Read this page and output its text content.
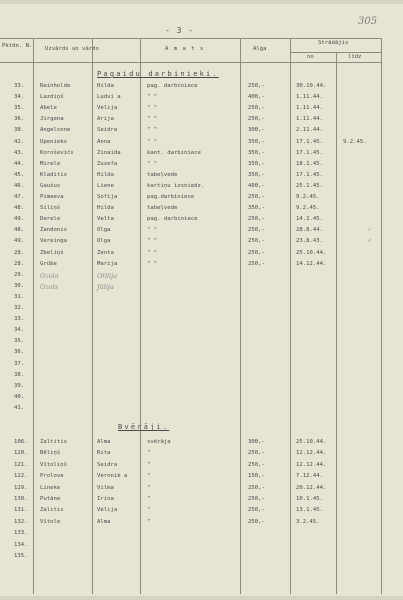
- 3 -
305
Pktdn. N. Uzvārds un vārds	A m a t s	Alga
Strādājis
no	līdz
Pagaidu darbinieki.
Bvērāji.
33.	Reinholde	Hilda	pag. darbiniece	250,-	30.10.44.
34.	Lazdiņš	Ludvi a	" "	400,-	1.11.44.
35.	Abele	Velija	" "	250,-	1.11.44.
36.	Jirgena	Arija	" "	250,-	1.11.44.
38.	Angelsone	Seidra	" "	300,-	2.11.44.
42.	Upenieks	Anna	" "	350,-	17.1.45.	9.2.45.
43.	Koroševičs	Zinaida	kant. darbiniece	350,-	17.1.45.
44.	Mirele	Zuzefa	" "	350,-	18.1.45.
45.	Kladitis	Hilda	tabeļvede	350,-	17.1.45.
46.	Gaušus	Liene	kartiņu izsniedz.	400,-	25.1.45.
47.	Pimeeva	Sofija	pag.darbiniece	250,-	9.2.45.
48.	Siliņš	Hilda	tabeļvede	350,-	9.2.45.
49.	Derele	Velta	pag. darbiniece	250,-	14.2.45.
48.	Zandonis	Olga	" "	250,-	28.8.44.	✓
49.	Vereinga	Olga	" "	250,-	23.8.43.	✓
28.	Zbeliņš	Zenta	" "	250,-	25.10.44.
28.	Grūbe	Marija	" "	250,-	14.12.44.
29. Ozola	Otīlija
30. Ozols	Jūlija
31.
32.
33.
34.
35.
36.
37.
38.
39.
40.
41.
106. Zaltitis	Alma	svērāja	300,-	25.10.44.
120. Bēliņš	Rita	"	250,-	12.12.44.
121. Vītoliņš	Seidra	"	250,-	12.12.44.
122. Prolove	Veronik a	"	150,-	7.12.44.
129. Lineke	Vilma	"	250,-	20.12.44.
130. Putāne	Irina	"	250,-	10.1.45.
131. Zalitis	Velija	"	250,-	13.1.45.
132. Vītole	Alma	"	250,-	3.2.45.
133.
134.
135.
